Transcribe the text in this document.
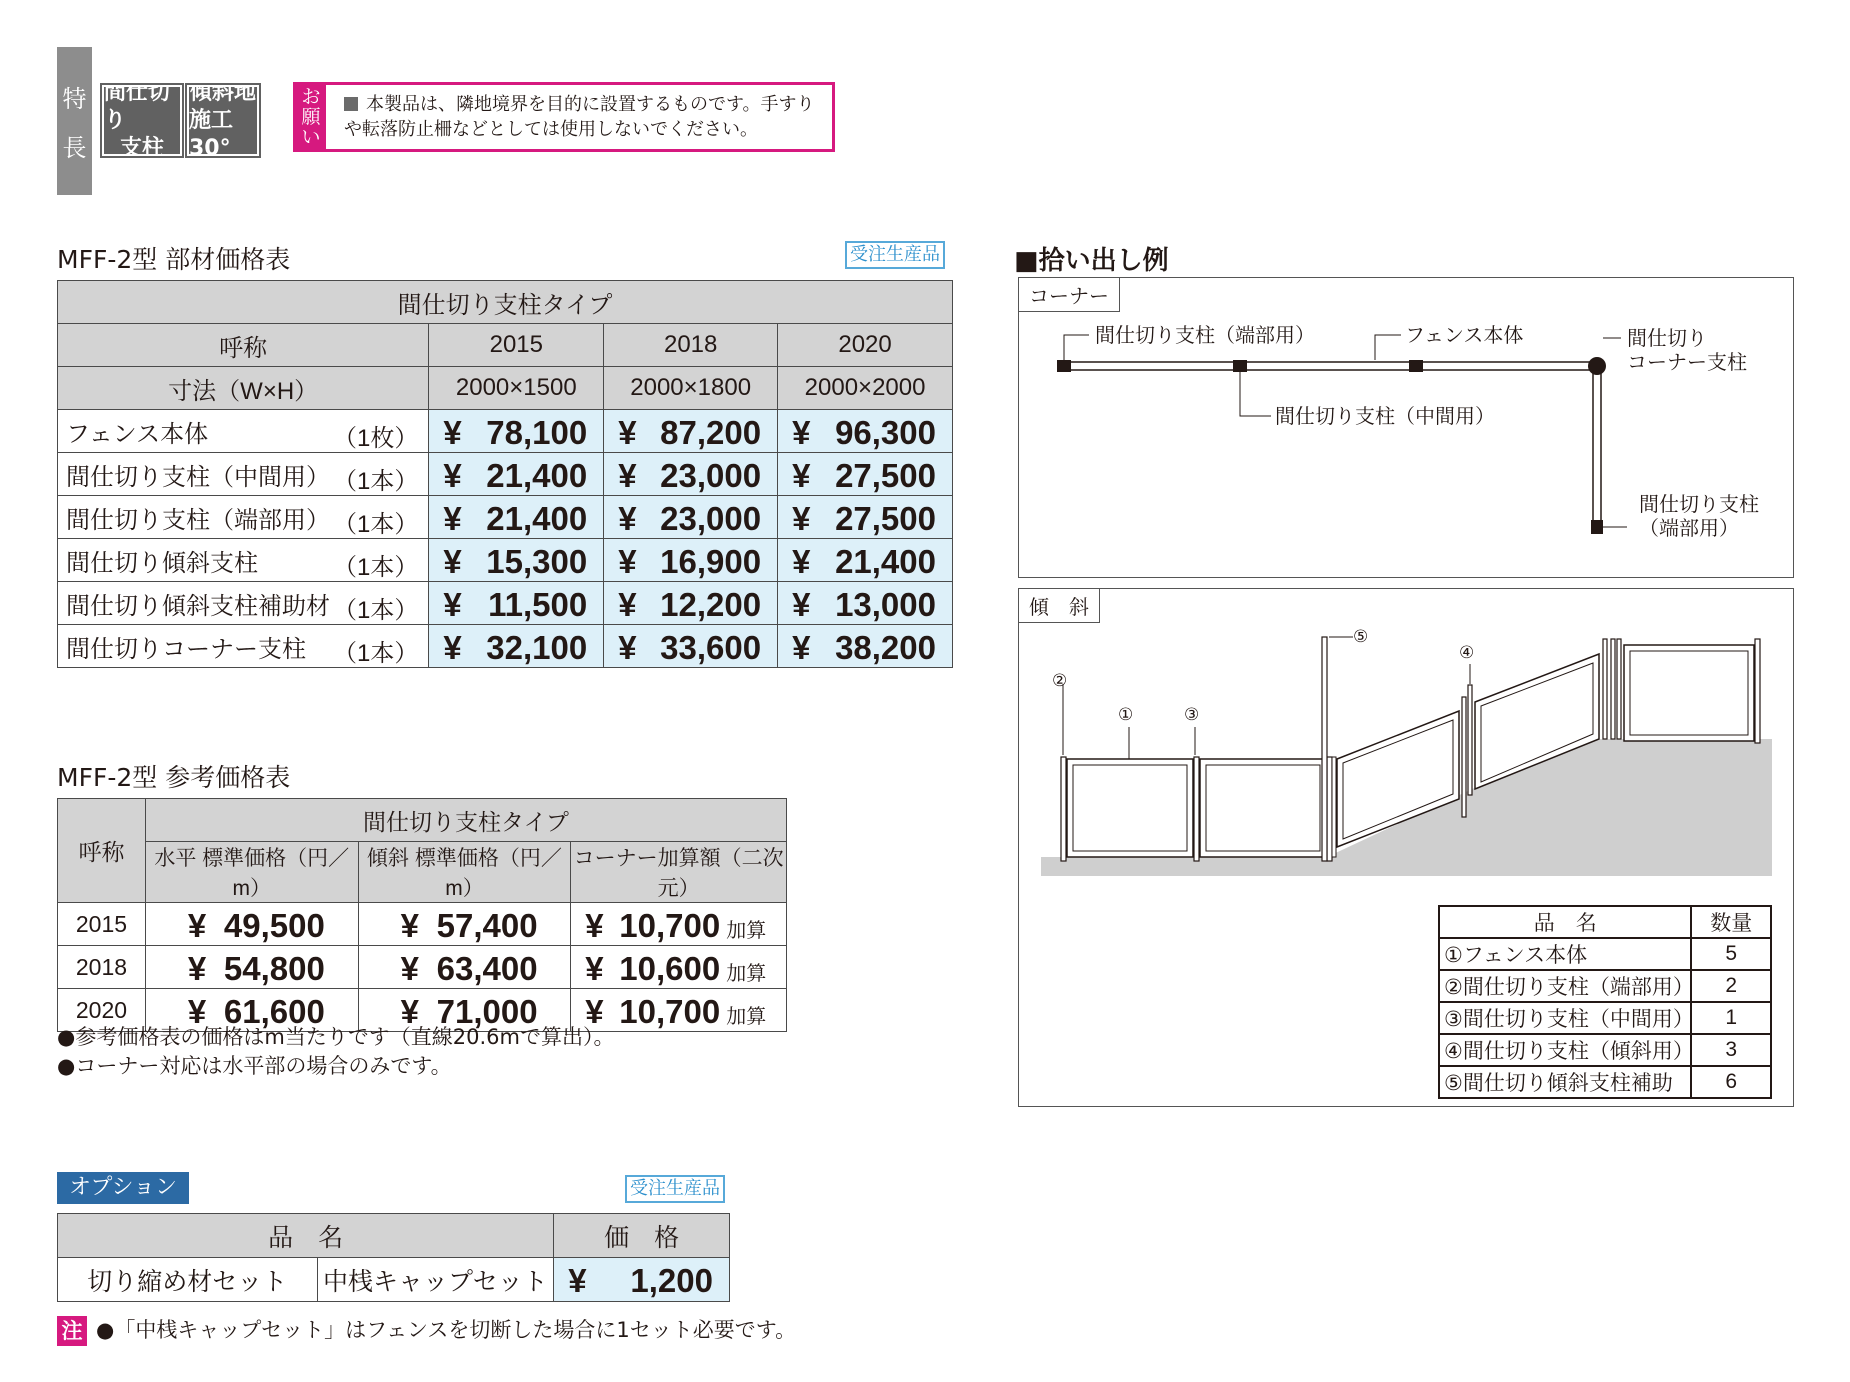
特
長
間仕切り
支柱
傾斜地
施工30°
お
願
い
本製品は、隣地境界を目的に設置するものです。手すりや転落防止柵などとしては使用しないでください。
MFF-2型 部材価格表	受注生産品
間仕切り支柱タイプ			
呼称	2015	2018	2020
寸法（W×H）	2000×1500	2000×1800	2000×2000
フェンス本体 （1枚）	¥ 78,100	¥ 87,200	¥ 96,300

間仕切り支柱（中間用） （1本）	¥ 21,400	¥ 23,000	¥ 27,500

間仕切り支柱（端部用） （1本）	¥ 21,400	¥ 23,000	¥ 27,500

間仕切り傾斜支柱 （1本）	¥ 15,300	¥ 16,900	¥ 21,400

間仕切り傾斜支柱補助材 （1本）	¥ 11,500	¥ 12,200	¥ 13,000

間仕切りコーナー支柱 （1本）	¥ 32,100	¥ 33,600	¥ 38,200
MFF-2型 参考価格表
呼称	間仕切り支柱タイプ		
	水平 標準価格（円／m）	傾斜 標準価格（円／m）	コーナー加算額（二次元）
2015	¥ 49,500	¥ 57,400	¥ 10,700 加算

2018	¥ 54,800	¥ 63,400	¥ 10,600 加算

2020	¥ 61,600	¥ 71,000	¥ 10,700 加算
●参考価格表の価格はm当たりです（直線20.6mで算出）。
●コーナー対応は水平部の場合のみです。
オプション	受注生産品
品　名		価　格
切り縮め材セット	中桟キャップセット	¥ 1,200
注 ●「中桟キャップセット」はフェンスを切断した場合に1セット必要です。
■拾い出し例
コーナー
間仕切り支柱（端部用）	フェンス本体	間仕切り
コーナー支柱
間仕切り支柱（中間用）
間仕切り支柱
（端部用）
傾　斜
②
①	③
⑤
④
品　名	数量
①フェンス本体	5
②間仕切り支柱（端部用）	2
③間仕切り支柱（中間用）	1
④間仕切り支柱（傾斜用）	3
⑤間仕切り傾斜支柱補助	6
